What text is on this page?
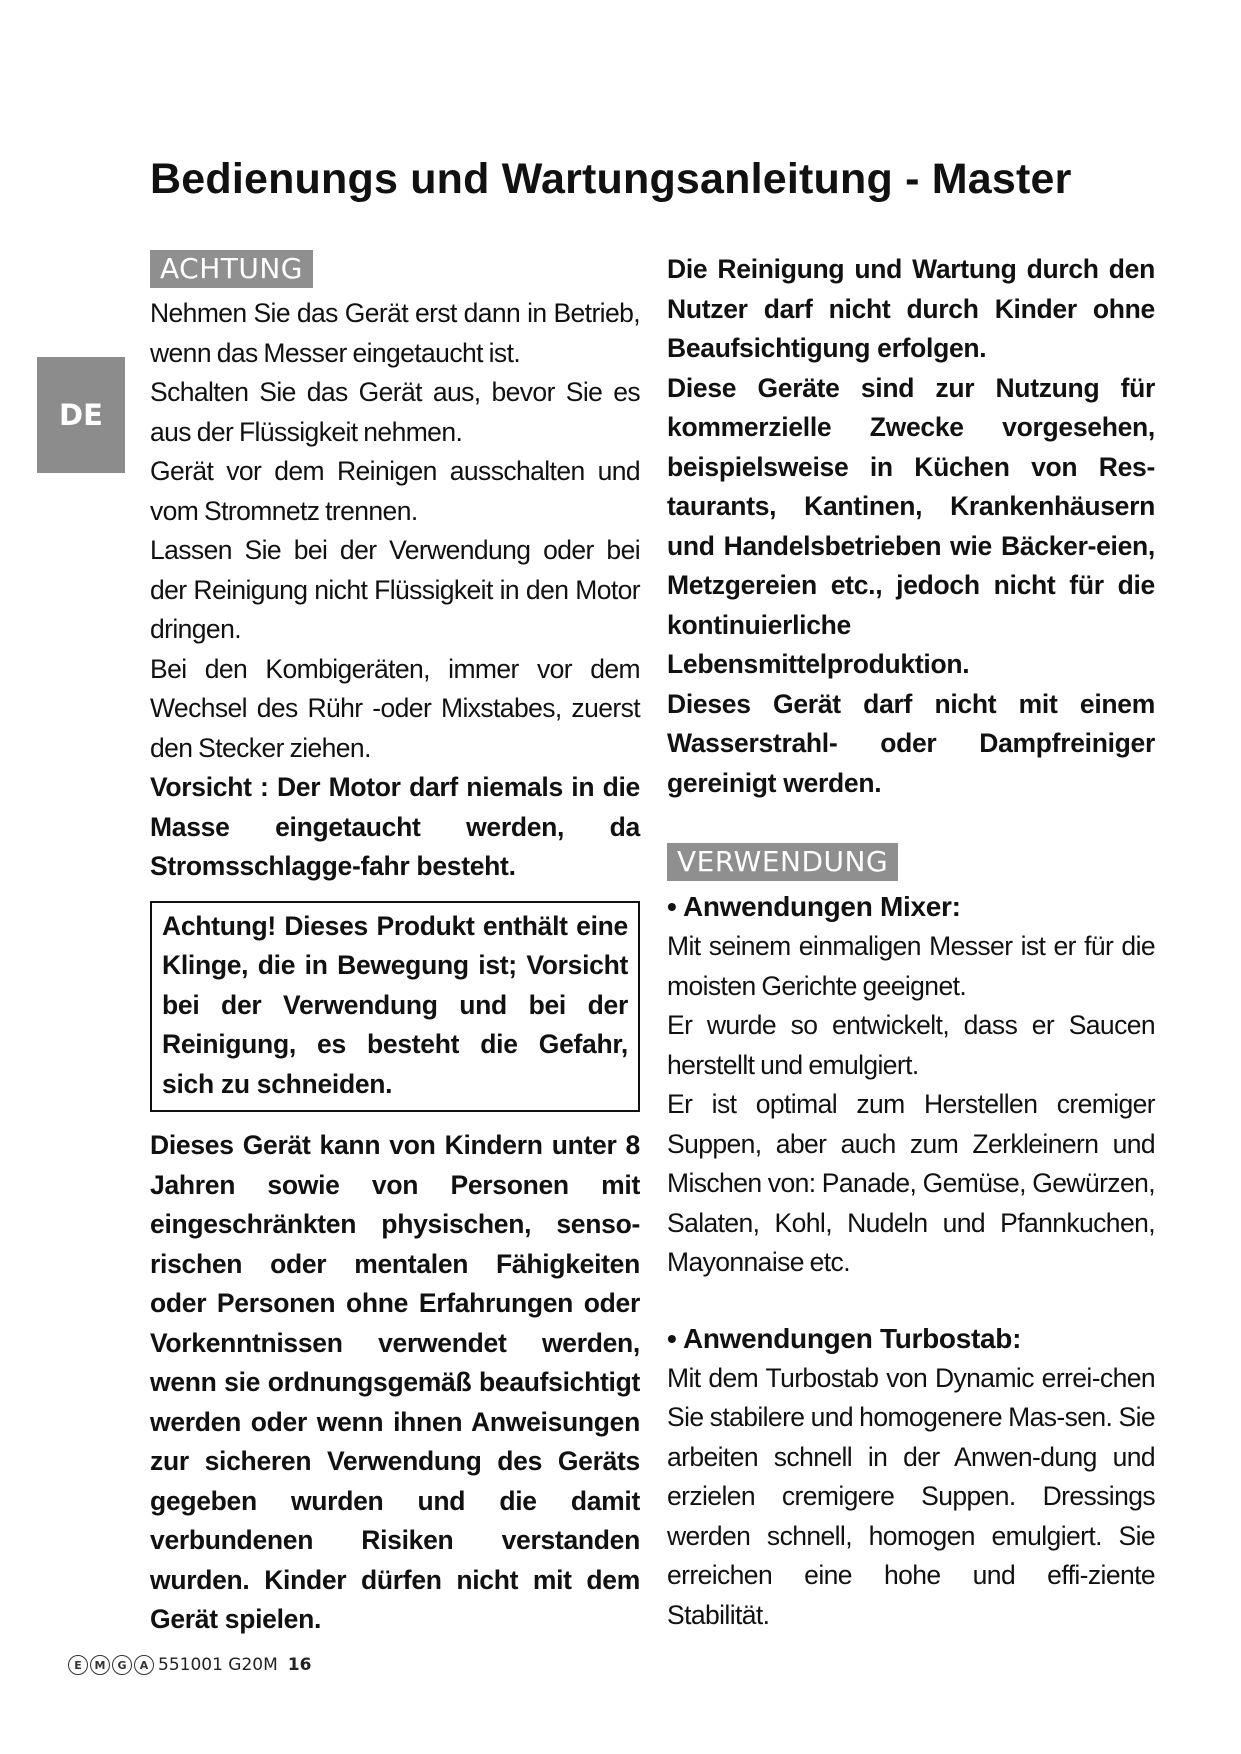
Bedienungs und Wartungsanleitung - Master
DE
ACHTUNG

Nehmen Sie das Gerät erst dann in Betrieb, wenn das Messer eingetaucht ist.

Schalten Sie das Gerät aus, bevor Sie es aus der Flüssigkeit nehmen.

Gerät vor dem Reinigen ausschalten und vom Stromnetz trennen.

Lassen Sie bei der Verwendung oder bei der Reinigung nicht Flüssigkeit in den Motor dringen.

Bei den Kombigeräten, immer vor dem Wechsel des Rühr -oder Mixstabes, zuerst den Stecker ziehen.

Vorsicht : Der Motor darf niemals in die Masse eingetaucht werden, da Stromsschlagge-fahr besteht.

Achtung! Dieses Produkt enthält eine Klinge, die in Bewegung ist; Vorsicht bei der Verwendung und bei der Reinigung, es besteht die Gefahr, sich zu schneiden.

Dieses Gerät kann von Kindern unter 8 Jahren sowie von Personen mit eingeschränkten physischen, senso-rischen oder mentalen Fähigkeiten oder Personen ohne Erfahrungen oder Vorkenntnissen verwendet werden, wenn sie ordnungsgemäß beaufsichtigt werden oder wenn ihnen Anweisungen zur sicheren Verwendung des Geräts gegeben wurden und die damit verbundenen Risiken verstanden wurden. Kinder dürfen nicht mit dem Gerät spielen.

Die Reinigung und Wartung durch den Nutzer darf nicht durch Kinder ohne Beaufsichtigung erfolgen.

Diese Geräte sind zur Nutzung für kommerzielle Zwecke vorgesehen, beispielsweise in Küchen von Res-taurants, Kantinen, Krankenhäusern und Handelsbetrieben wie Bäcker-eien, Metzgereien etc., jedoch nicht für die kontinuierliche Lebensmittelproduktion.

Dieses Gerät darf nicht mit einem Wasserstrahl- oder Dampfreiniger gereinigt werden.

VERWENDUNG
• Anwendungen Mixer:

Mit seinem einmaligen Messer ist er für die moisten Gerichte geeignet.

Er wurde so entwickelt, dass er Saucen herstellt und emulgiert.

Er ist optimal zum Herstellen cremiger Suppen, aber auch zum Zerkleinern und Mischen von: Panade, Gemüse, Gewürzen, Salaten, Kohl, Nudeln und Pfannkuchen, Mayonnaise etc.

• Anwendungen Turbostab:

Mit dem Turbostab von Dynamic errei-chen Sie stabilere und homogenere Mas-sen. Sie arbeiten schnell in der Anwen-dung und erzielen cremigere Suppen. Dressings werden schnell, homogen emulgiert. Sie erreichen eine hohe und effi-ziente Stabilität.

E	M	G	A 551001 G20M 16
